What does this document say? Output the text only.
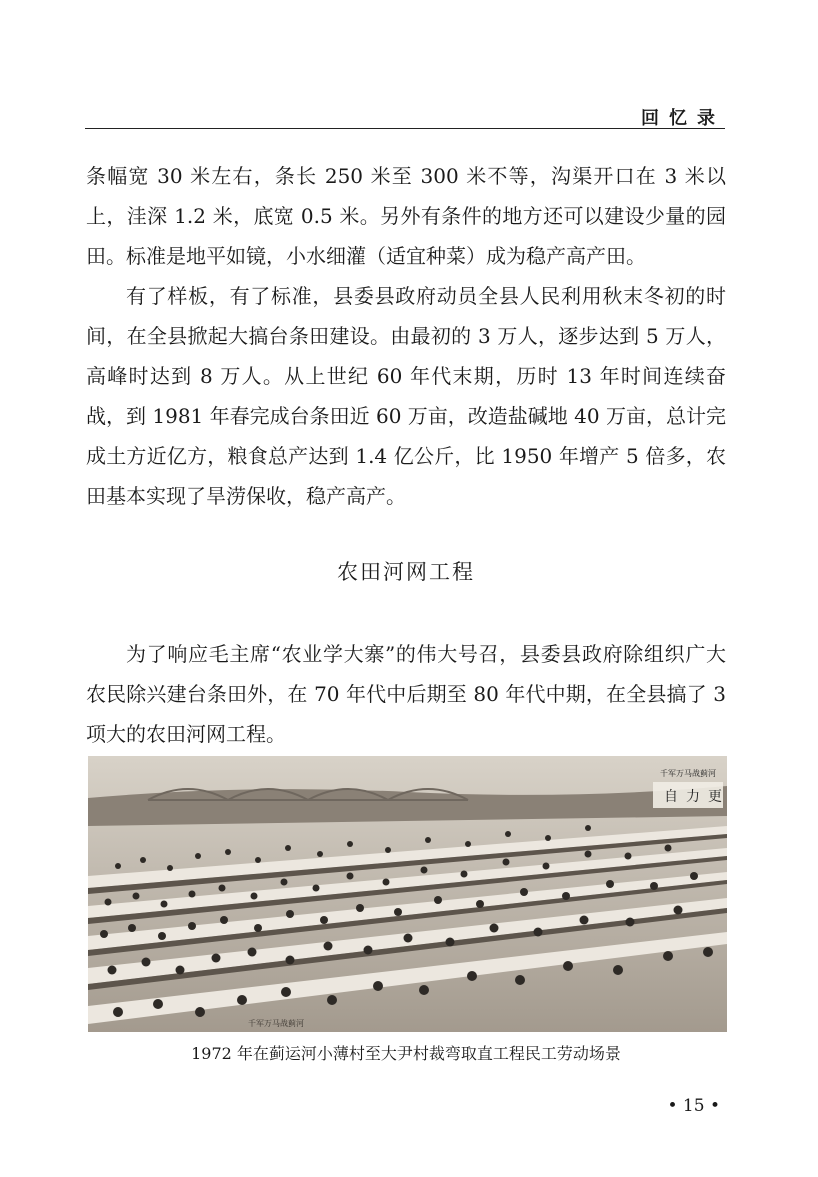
回忆录
条幅宽 30 米左右，条长 250 米至 300 米不等，沟渠开口在 3 米以上，洼深 1.2 米，底宽 0.5 米。另外有条件的地方还可以建设少量的园田。标准是地平如镜，小水细灌（适宜种菜）成为稳产高产田。
有了样板，有了标准，县委县政府动员全县人民利用秋末冬初的时间，在全县掀起大搞台条田建设。由最初的 3 万人，逐步达到 5 万人，高峰时达到 8 万人。从上世纪 60 年代末期，历时 13 年时间连续奋战，到 1981 年春完成台条田近 60 万亩，改造盐碱地 40 万亩，总计完成土方近亿方，粮食总产达到 1.4 亿公斤，比 1950 年增产 5 倍多，农田基本实现了旱涝保收，稳产高产。
农田河网工程
为了响应毛主席“农业学大寨”的伟大号召，县委县政府除组织广大农民除兴建台条田外，在 70 年代中后期至 80 年代中期，在全县搞了 3 项大的农田河网工程。
千军万马战蓟河
自 力 更
千军万马战蓟河
1972 年在蓟运河小薄村至大尹村裁弯取直工程民工劳动场景
• 15 •
